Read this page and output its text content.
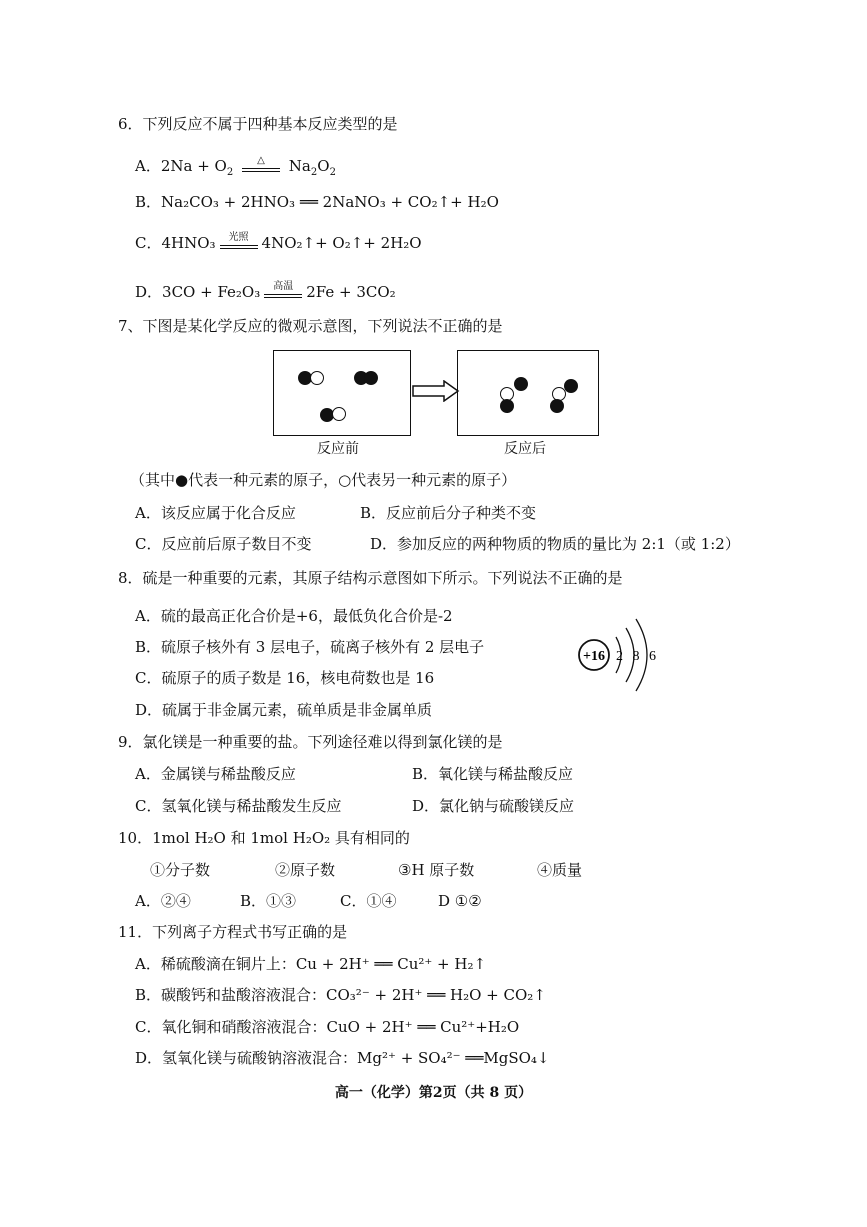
6．下列反应不属于四种基本反应类型的是
A．$2Na + O_2$
△	$Na_2O_2$
B．Na₂CO₃ + 2HNO₃ ══ 2NaNO₃ + CO₂↑+ H₂O
C．4HNO₃	光照 4NO₂↑+ O₂↑+ 2H₂O
D．3CO + Fe₂O₃	高温 2Fe + 3CO₂
7、下图是某化学反应的微观示意图，下列说法不正确的是
反应前	反应后
（其中●代表一种元素的原子，○代表另一种元素的原子）
A．该反应属于化合反应	B．反应前后分子种类不变
C．反应前后原子数目不变	D．参加反应的两种物质的物质的量比为 2:1（或 1:2）
8．硫是一种重要的元素，其原子结构示意图如下所示。下列说法不正确的是
A．硫的最高正化合价是+6，最低负化合价是-2
B．硫原子核外有 3 层电子，硫离子核外有 2 层电子
C．硫原子的质子数是 16，核电荷数也是 16
D．硫属于非金属元素，硫单质是非金属单质
+16 2 8 6
9．氯化镁是一种重要的盐。下列途径难以得到氯化镁的是
A．金属镁与稀盐酸反应	B．氧化镁与稀盐酸反应
C．氢氧化镁与稀盐酸发生反应	D．氯化钠与硫酸镁反应
10．1mol H₂O 和 1mol H₂O₂ 具有相同的
①分子数	②原子数	③H 原子数	④质量
A．②④	B．①③	C．①④	D ①②
11．下列离子方程式书写正确的是
A．稀硫酸滴在铜片上：Cu + 2H⁺ ══ Cu²⁺ + H₂↑
B．碳酸钙和盐酸溶液混合：CO₃²⁻ + 2H⁺ ══ H₂O + CO₂↑
C．氧化铜和硝酸溶液混合：CuO + 2H⁺ ══ Cu²⁺+H₂O
D．氢氧化镁与硫酸钠溶液混合：Mg²⁺ + SO₄²⁻ ══MgSO₄↓
高一（化学）第2页（共 8 页）
